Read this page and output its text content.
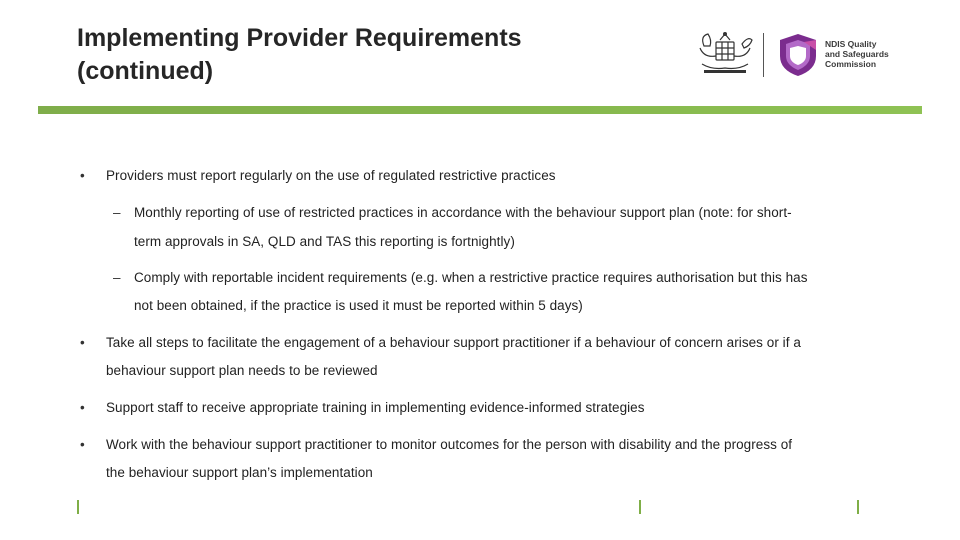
Implementing Provider Requirements
(continued)
NDIS Quality
and Safeguards
Commission
• Providers must report regularly on the use of regulated restrictive practices
– Monthly reporting of use of restricted practices in accordance with the behaviour support plan (note: for short-
term approvals in SA, QLD and TAS this reporting is fortnightly)
– Comply with reportable incident requirements (e.g. when a restrictive practice requires authorisation but this has
not been obtained, if the practice is used it must be reported within 5 days)
• Take all steps to facilitate the engagement of a behaviour support practitioner if a behaviour of concern arises or if a
behaviour support plan needs to be reviewed
• Support staff to receive appropriate training in implementing evidence-informed strategies
• Work with the behaviour support practitioner to monitor outcomes for the person with disability and the progress of
the behaviour support plan’s implementation
